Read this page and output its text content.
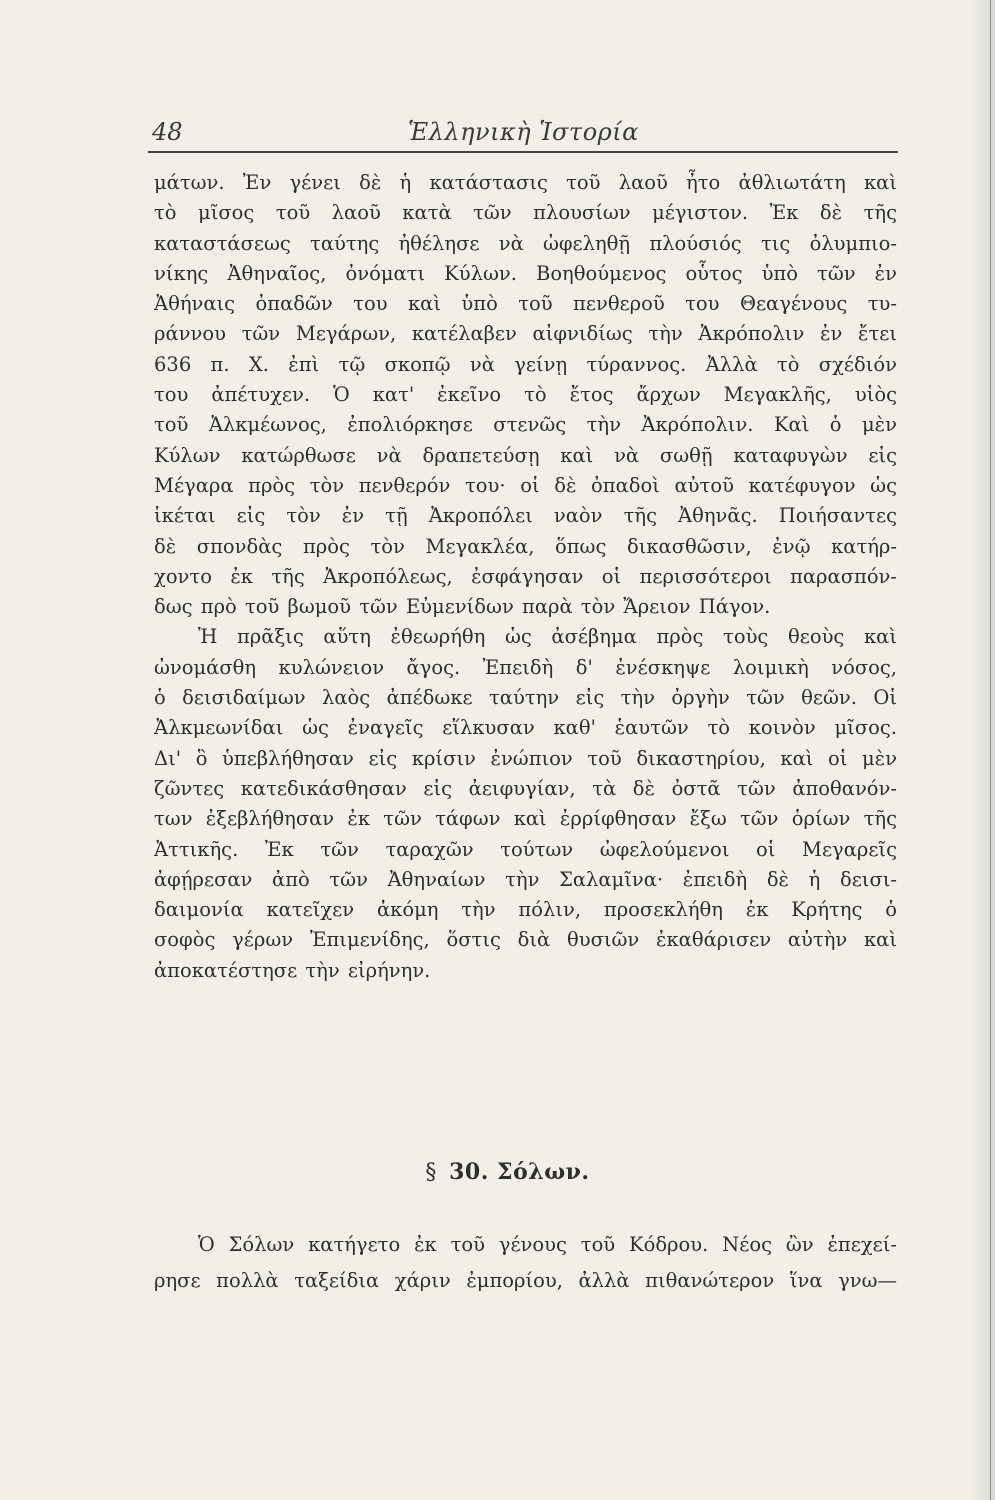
48	Ἑλληνικὴ Ἱστορία

μάτων. Ἐν γένει δὲ ἡ κατάστασις τοῦ λαοῦ ἦτο ἀθλιωτάτη καὶ
τὸ μῖσος τοῦ λαοῦ κατὰ τῶν πλουσίων μέγιστον. Ἐκ δὲ τῆς
καταστάσεως ταύτης ἠθέλησε νὰ ὠφεληθῇ πλούσιός τις ὀλυμπιο-
νίκης Ἀθηναῖος, ὀνόματι Κύλων. Βοηθούμενος οὗτος ὑπὸ τῶν ἐν
Ἀθήναις ὀπαδῶν του καὶ ὑπὸ τοῦ πενθεροῦ του Θεαγένους τυ-
ράννου τῶν Μεγάρων, κατέλαβεν αἰφνιδίως τὴν Ἀκρόπολιν ἐν ἔτει
636 π. Χ. ἐπὶ τῷ σκοπῷ νὰ γείνῃ τύραννος. Ἀλλὰ τὸ σχέδιόν
του ἀπέτυχεν. Ὁ κατ' ἐκεῖνο τὸ ἔτος ἄρχων Μεγακλῆς, υἱὸς
τοῦ Ἀλκμέωνος, ἐπολιόρκησε στενῶς τὴν Ἀκρόπολιν. Καὶ ὁ μὲν
Κύλων κατώρθωσε νὰ δραπετεύσῃ καὶ νὰ σωθῇ καταφυγὼν εἰς
Μέγαρα πρὸς τὸν πενθερόν του· οἱ δὲ ὀπαδοὶ αὐτοῦ κατέφυγον ὡς
ἱκέται εἰς τὸν ἐν τῇ Ἀκροπόλει ναὸν τῆς Ἀθηνᾶς. Ποιήσαντες
δὲ σπονδὰς πρὸς τὸν Μεγακλέα, ὅπως δικασθῶσιν, ἐνῷ κατήρ-
χοντο ἐκ τῆς Ἀκροπόλεως, ἐσφάγησαν οἱ περισσότεροι παρασπόν-
δως πρὸ τοῦ βωμοῦ τῶν Εὐμενίδων παρὰ τὸν Ἄρειον Πάγον.

Ἡ πρᾶξις αὕτη ἐθεωρήθη ὡς ἀσέβημα πρὸς τοὺς θεοὺς καὶ
ὠνομάσθη κυλώνειον ἄγος. Ἐπειδὴ δ' ἐνέσκηψε λοιμικὴ νόσος,
ὁ δεισιδαίμων λαὸς ἀπέδωκε ταύτην εἰς τὴν ὀργὴν τῶν θεῶν. Οἱ
Ἀλκμεωνίδαι ὡς ἐναγεῖς εἵλκυσαν καθ' ἑαυτῶν τὸ κοινὸν μῖσος.
Δι' ὃ ὑπεβλήθησαν εἰς κρίσιν ἐνώπιον τοῦ δικαστηρίου, καὶ οἱ μὲν
ζῶντες κατεδικάσθησαν εἰς ἀειφυγίαν, τὰ δὲ ὀστᾶ τῶν ἀποθανόν-
των ἐξεβλήθησαν ἐκ τῶν τάφων καὶ ἐρρίφθησαν ἔξω τῶν ὁρίων τῆς
Ἀττικῆς. Ἐκ τῶν ταραχῶν τούτων ὠφελούμενοι οἱ Μεγαρεῖς
ἀφῄρεσαν ἀπὸ τῶν Ἀθηναίων τὴν Σαλαμῖνα· ἐπειδὴ δὲ ἡ δεισι-
δαιμονία κατεῖχεν ἀκόμη τὴν πόλιν, προσεκλήθη ἐκ Κρήτης ὁ
σοφὸς γέρων Ἐπιμενίδης, ὅστις διὰ θυσιῶν ἐκαθάρισεν αὐτὴν καὶ
ἀποκατέστησε τὴν εἰρήνην.

§ 30. Σόλων.
Ὁ Σόλων κατήγετο ἐκ τοῦ γένους τοῦ Κόδρου. Νέος ὢν ἐπεχεί-
ρησε πολλὰ ταξείδια χάριν ἐμπορίου, ἀλλὰ πιθανώτερον ἵνα γνω—
